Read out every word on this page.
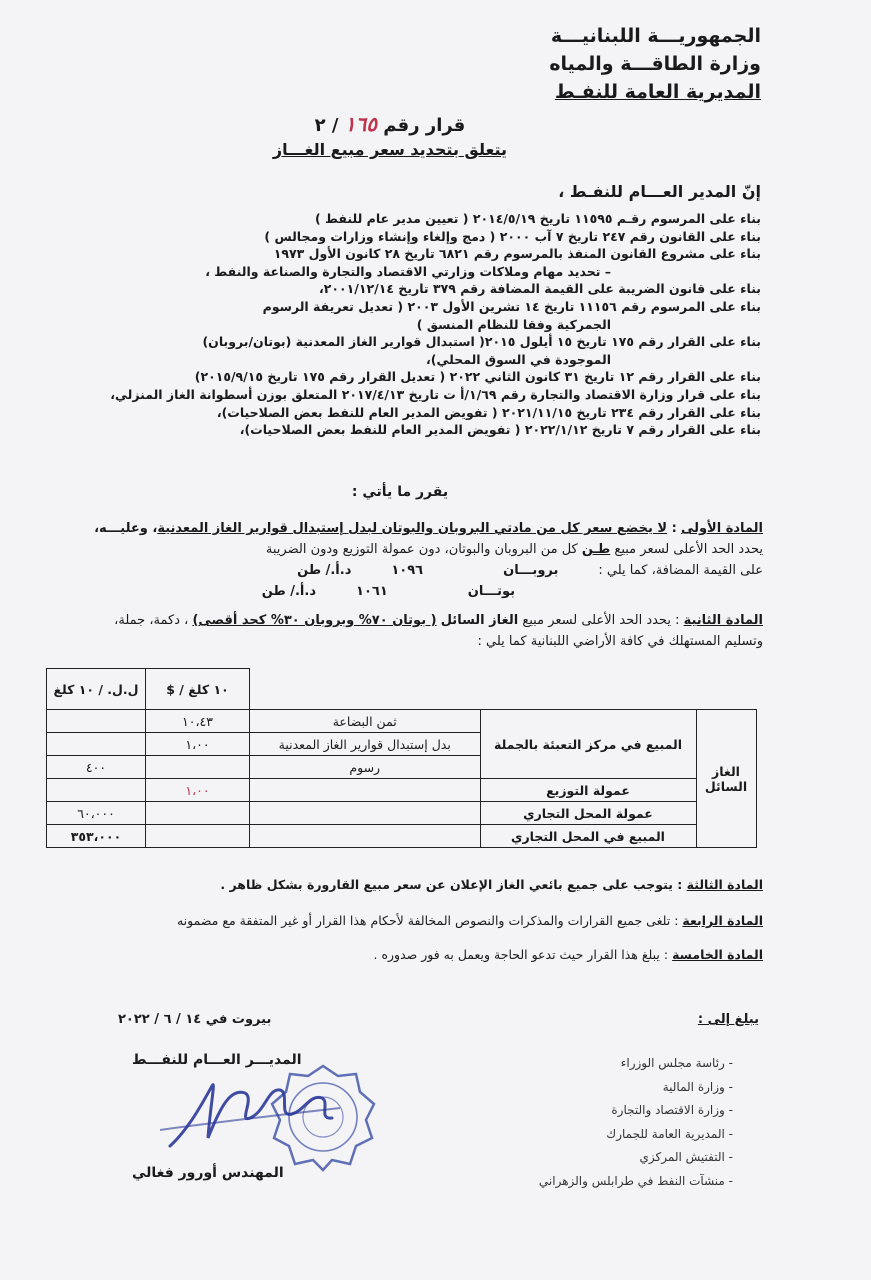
الجمهوريـــة اللبنانيـــة
وزارة الطاقـــة والمياه
المديرية العامة للنفـط
قرار رقم ١٦٥ / ٢
يتعلق بتحديد سعر مبيع الغـــاز
إنّ المدير العـــام للنفـط ،
بناء على المرسوم رقـم ١١٥٩٥ تاريخ ٢٠١٤/٥/١٩ ( تعيين مدير عام للنفط )
بناء على القانون رقم ٢٤٧ تاريخ ٧ آب ٢٠٠٠ ( دمج وإلغاء وإنشاء وزارات ومجالس )
بناء على مشروع القانون المنفذ بالمرسوم رقم ٦٨٢١ تاريخ ٢٨ كانون الأول ١٩٧٣
– تحديد مهام وملاكات وزارتي الاقتصاد والتجارة والصناعة والنفط ،
بناء على قانون الضريبة على القيمة المضافة رقم ٣٧٩ تاريخ ٢٠٠١/١٢/١٤،
بناء على المرسوم رقم ١١١٥٦ تاريخ ١٤ تشرين الأول ٢٠٠٣ ( تعديل تعريفة الرسوم
الجمركية وفقا للنظام المنسق )
بناء على القرار رقم ١٧٥ تاريخ ١٥ أيلول ٢٠١٥( استبدال قوارير الغاز المعدنية (بوتان/بروبان)
الموجودة في السوق المحلي)،
بناء على القرار رقم ١٢ تاريخ ٣١ كانون الثاني ٢٠٢٢ ( تعديل القرار رقم ١٧٥ تاريخ ٢٠١٥/٩/١٥)
بناء على قرار وزارة الاقتصاد والتجارة رقم ١/٦٩/أ ت تاريخ ٢٠١٧/٤/١٣ المتعلق بوزن أسطوانة الغاز المنزلي،
بناء على القرار رقم ٢٣٤ تاريخ ٢٠٢١/١١/١٥ ( تفويض المدير العام للنفط بعض الصلاحيات)،
بناء على القرار رقم ٧ تاريخ ٢٠٢٢/١/١٢ ( تفويض المدير العام للنفط بعض الصلاحيات)،
يقرر ما يأتي :
المادة الأولى : لا يخضع سعر كل من مادتي البروبان والبوتان لبدل إستبدال قوارير الغاز المعدنية، وعليـــه،
يحدد الحد الأعلى لسعر مبيع طـن كل من البروبان والبوتان، دون عمولة التوزيع ودون الضريبة
على القيمة المضافة، كما يلي :
بروبـــان
١٠٩٦
د.أ./ طن
بوتـــان
١٠٦١
د.أ./ طن
المادة الثانية : يحدد الحد الأعلى لسعر مبيع الغاز السائل ( بوتان ٧٠% وبروبان ٣٠% كحد أقصى) ، دكمة، جملة،
وتسليم المستهلك في كافة الأراضي اللبنانية كما يلي :
ل.ل. / ١٠ كلغ	$ / ١٠ كلغ			
	١٠،٤٣	ثمن البضاعة	المبيع في مركز التعبئة بالجملة	الغاز السائل
	١،٠٠	بدل إستبدال قوارير الغاز المعدنية		
٤٠٠		رسوم		
	١،٠٠		عمولة التوزيع	
٦٠،٠٠٠			عمولة المحل التجاري	
٣٥٣،٠٠٠			المبيع في المحل التجاري	
المادة الثالثة : يتوجب على جميع بائعي الغاز الإعلان عن سعر مبيع القارورة بشكل ظاهر .
المادة الرابعة : تلغى جميع القرارات والمذكرات والنصوص المخالفة لأحكام هذا القرار أو غير المتفقة مع مضمونه
المادة الخامسة : يبلغ هذا القرار حيث تدعو الحاجة ويعمل به فور صدوره .
بيروت في ١٤ / ٦ / ٢٠٢٢	يبلغ إلى :
- رئاسة مجلس الوزراء
- وزارة المالية
- وزارة الاقتصاد والتجارة
- المديرية العامة للجمارك
- التفتيش المركزي
- منشآت النفط في طرابلس والزهراني
المديـــر العـــام للنفـــط
المهندس أورور فغالي
